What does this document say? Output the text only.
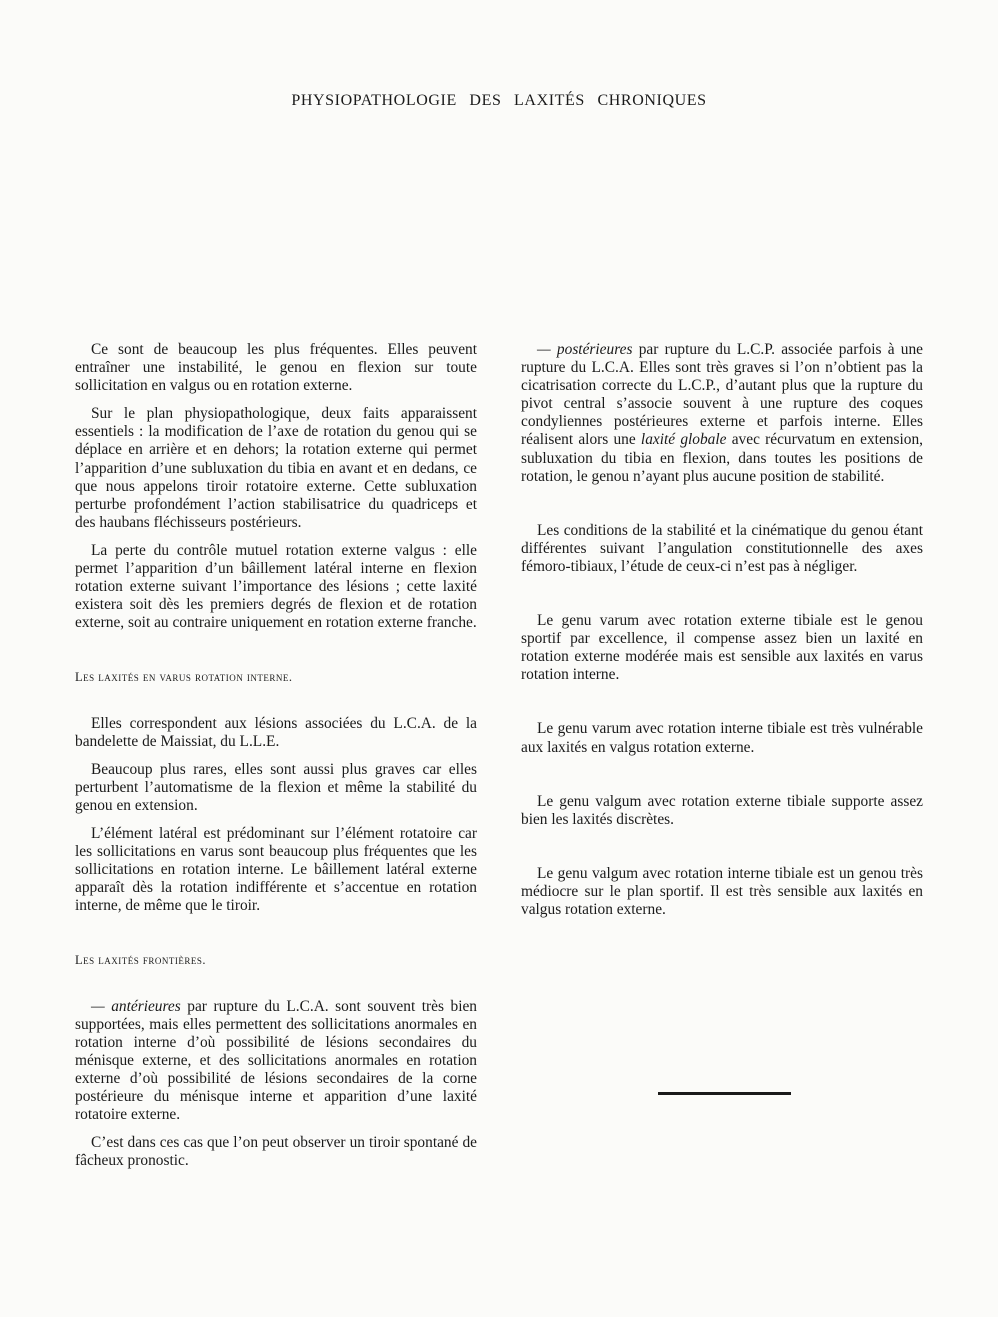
PHYSIOPATHOLOGIE DES LAXITÉS CHRONIQUES

Ce sont de beaucoup les plus fréquentes. Elles peuvent entraîner une instabilité, le genou en flexion sur toute sollicitation en valgus ou en rotation externe.

Sur le plan physiopathologique, deux faits apparaissent essentiels : la modification de l’axe de rotation du genou qui se déplace en arrière et en dehors; la rotation externe qui permet l’apparition d’une subluxation du tibia en avant et en dedans, ce que nous appelons tiroir rotatoire externe. Cette subluxation perturbe profondément l’action stabilisatrice du quadriceps et des haubans fléchisseurs postérieurs.

La perte du contrôle mutuel rotation externe valgus : elle permet l’apparition d’un bâillement latéral interne en flexion rotation externe suivant l’importance des lésions ; cette laxité existera soit dès les premiers degrés de flexion et de rotation externe, soit au contraire uniquement en rotation externe franche.

Les laxités en varus rotation interne.

Elles correspondent aux lésions associées du L.C.A. de la bandelette de Maissiat, du L.L.E.

Beaucoup plus rares, elles sont aussi plus graves car elles perturbent l’automatisme de la flexion et même la stabilité du genou en extension.

L’élément latéral est prédominant sur l’élément rotatoire car les sollicitations en varus sont beaucoup plus fréquentes que les sollicitations en rotation interne. Le bâillement latéral externe apparaît dès la rotation indifférente et s’accentue en rotation interne, de même que le tiroir.

Les laxités frontières.

— antérieures par rupture du L.C.A. sont souvent très bien supportées, mais elles permettent des sollicitations anormales en rotation interne d’où possibilité de lésions secondaires du ménisque externe, et des sollicitations anormales en rotation externe d’où possibilité de lésions secondaires de la corne postérieure du ménisque interne et apparition d’une laxité rotatoire externe.

C’est dans ces cas que l’on peut observer un tiroir spontané de fâcheux pronostic.

— postérieures par rupture du L.C.P. associée parfois à une rupture du L.C.A. Elles sont très graves si l’on n’obtient pas la cicatrisation correcte du L.C.P., d’autant plus que la rupture du pivot central s’associe souvent à une rupture des coques condyliennes postérieures externe et parfois interne. Elles réalisent alors une laxité globale avec récurvatum en extension, subluxation du tibia en flexion, dans toutes les positions de rotation, le genou n’ayant plus aucune position de stabilité.

Les conditions de la stabilité et la cinématique du genou étant différentes suivant l’angulation constitutionnelle des axes fémoro-tibiaux, l’étude de ceux-ci n’est pas à négliger.

Le genu varum avec rotation externe tibiale est le genou sportif par excellence, il compense assez bien un laxité en rotation externe modérée mais est sensible aux laxités en varus rotation interne.

Le genu varum avec rotation interne tibiale est très vulnérable aux laxités en valgus rotation externe.

Le genu valgum avec rotation externe tibiale supporte assez bien les laxités discrètes.

Le genu valgum avec rotation interne tibiale est un genou très médiocre sur le plan sportif. Il est très sensible aux laxités en valgus rotation externe.
